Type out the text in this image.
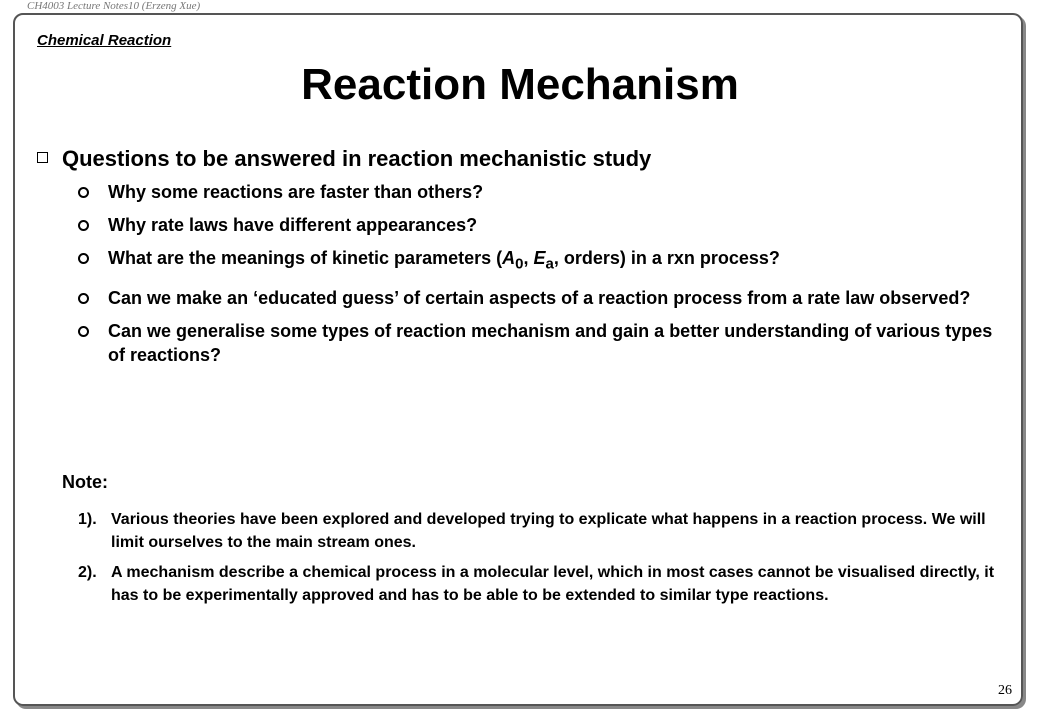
CH4003 Lecture Notes10 (Erzeng Xue)
Chemical Reaction
Reaction Mechanism
Questions to be answered in reaction mechanistic study
Why some reactions are faster than others?
Why rate laws have different appearances?
What are the meanings of kinetic parameters ($A_0$, $E_a$, orders) in a rxn process?
Can we make an ‘educated guess’ of certain aspects of a reaction process from a rate law observed?
Can we generalise some types of reaction mechanism and gain a better understanding of various types of reactions?
Note:
1). Various theories have been explored and developed trying to explicate what happens in a reaction process. We will limit ourselves to the main stream ones.
2). A mechanism describe a chemical process in a molecular level, which in most cases cannot be visualised directly, it has to be experimentally approved and has to be able to be extended to similar type reactions.
26
